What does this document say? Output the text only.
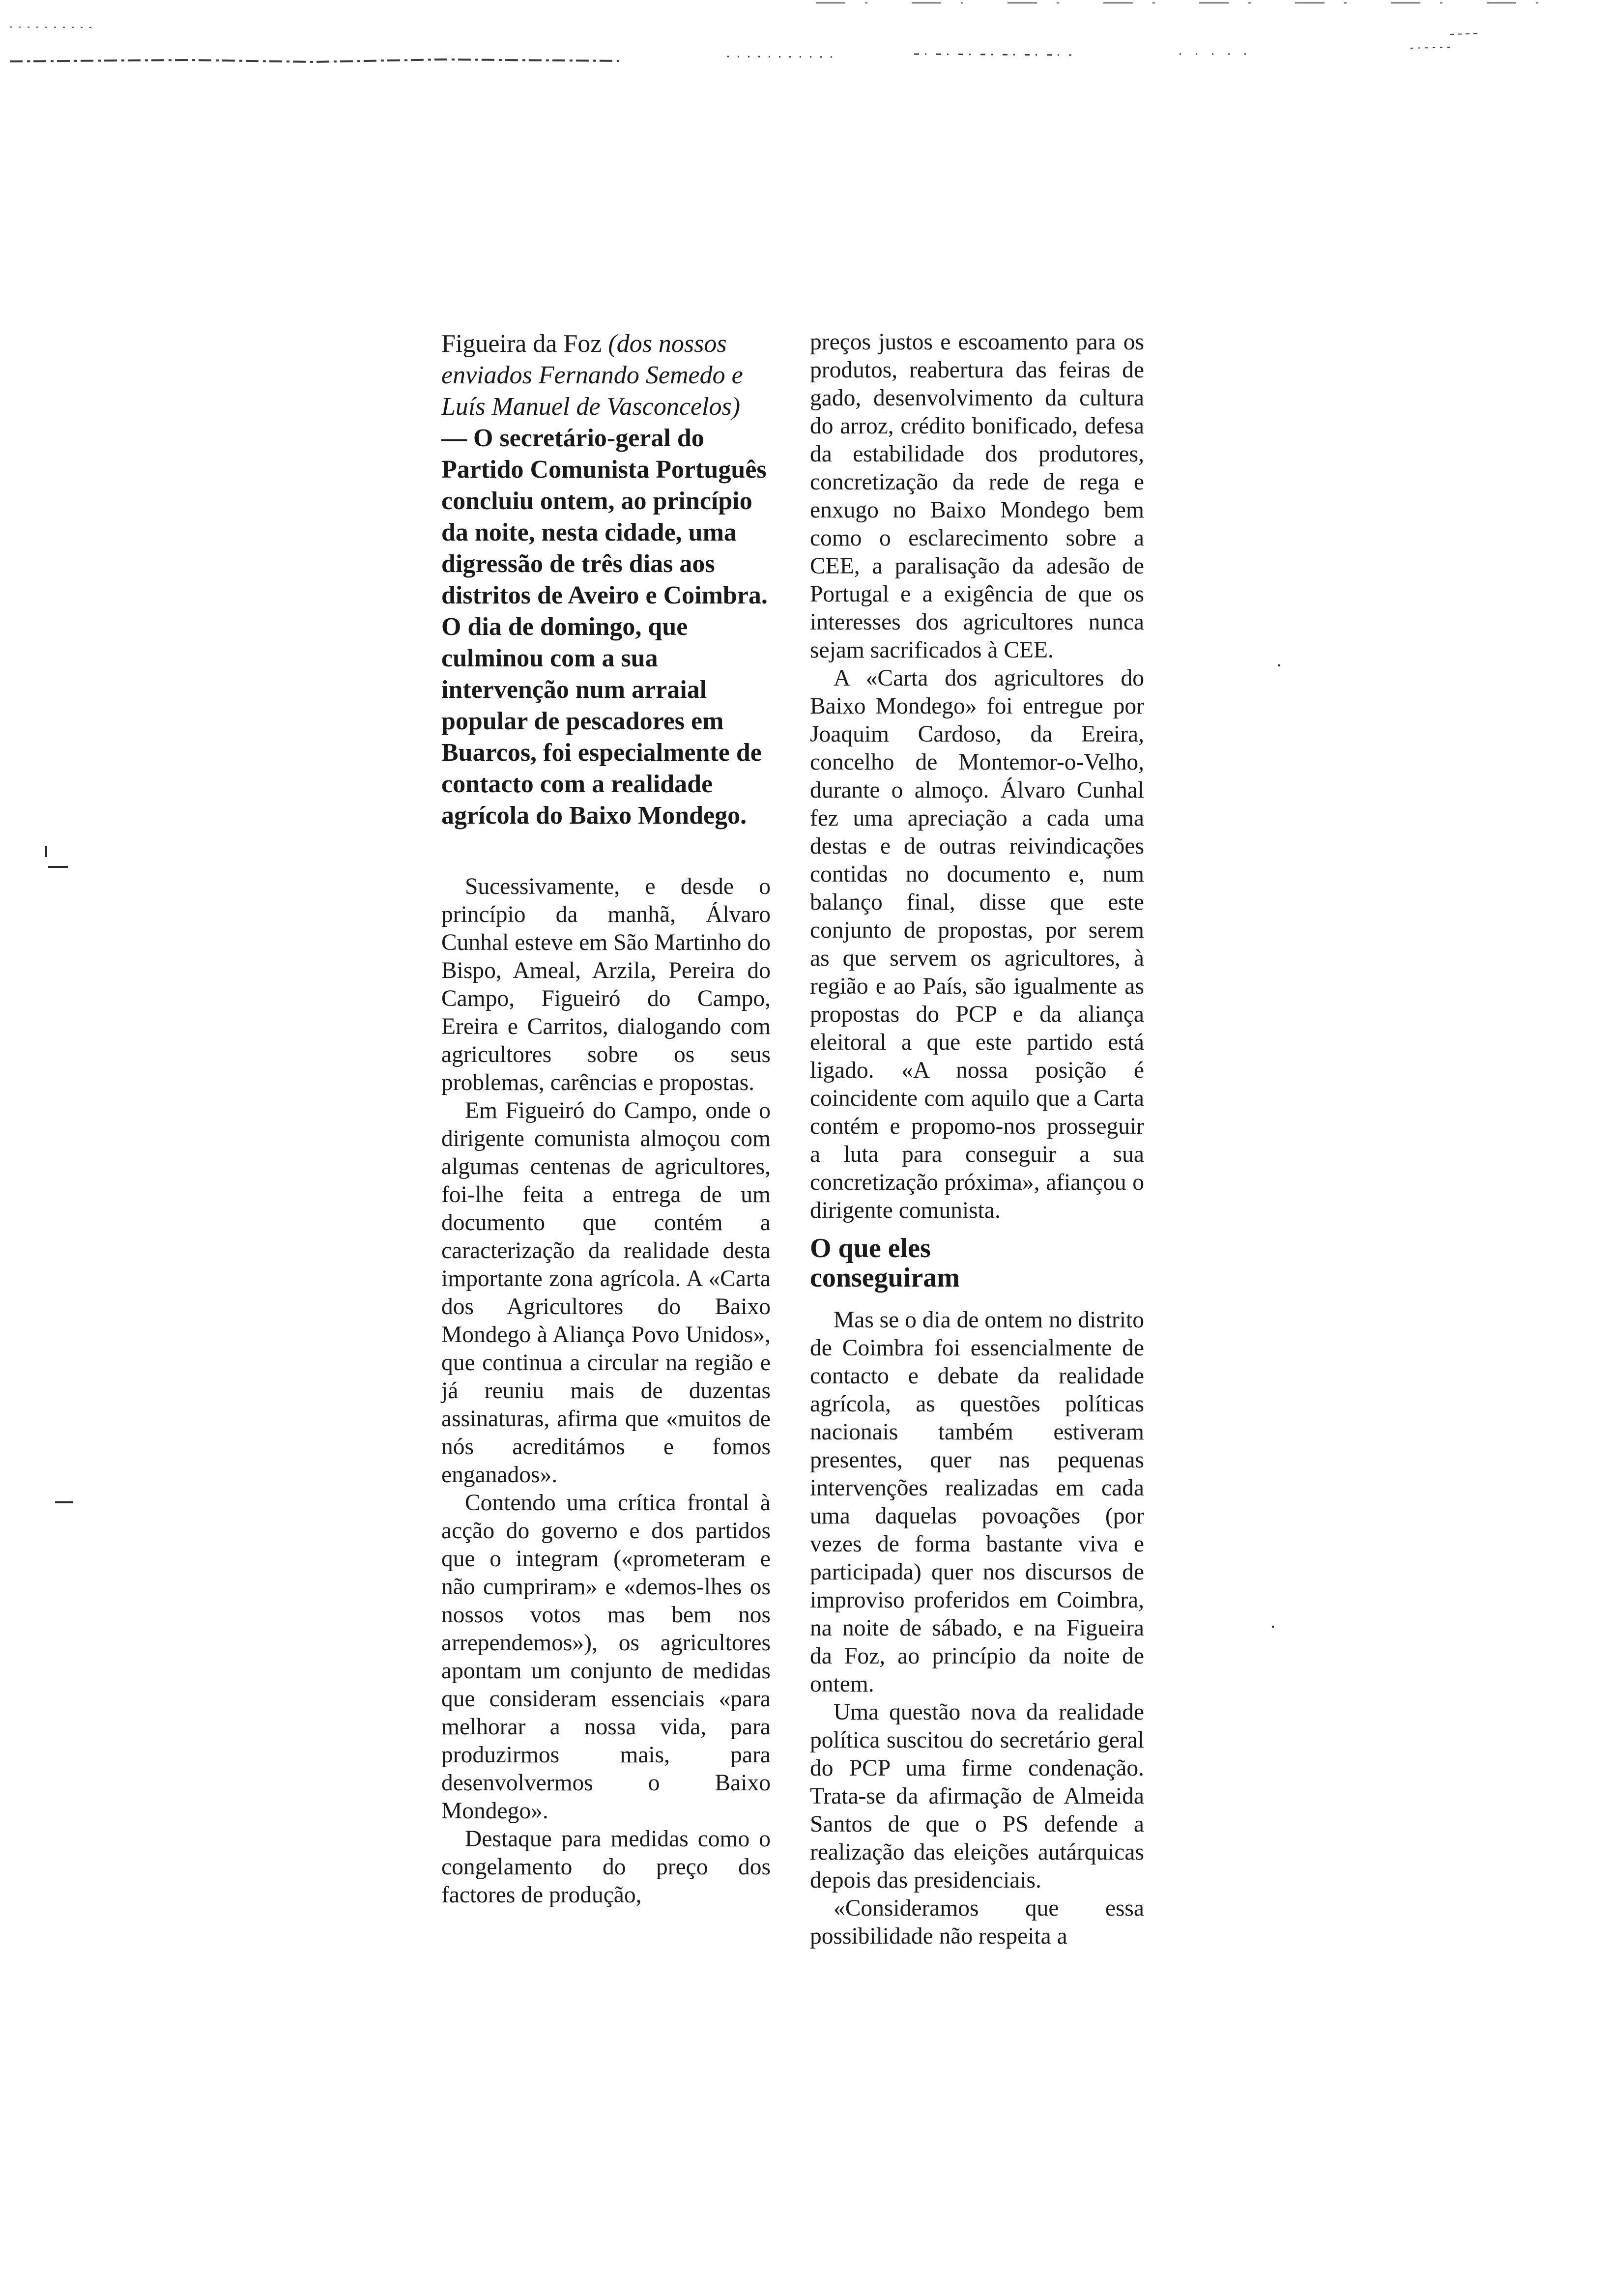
Figueira da Foz (dos nossos enviados Fernando Semedo e Luís Manuel de Vasconcelos) — O secretário-geral do Partido Comunista Português concluiu ontem, ao princípio da noite, nesta cidade, uma digressão de três dias aos distritos de Aveiro e Coimbra. O dia de domingo, que culminou com a sua intervenção num arraial popular de pescadores em Buarcos, foi especialmente de contacto com a realidade agrícola do Baixo Mondego.

Sucessivamente, e desde o princípio da manhã, Álvaro Cunhal esteve em São Martinho do Bispo, Ameal, Arzila, Pereira do Campo, Figueiró do Campo, Ereira e Carritos, dialogando com agricultores sobre os seus problemas, carências e propostas.

Em Figueiró do Campo, onde o dirigente comunista almoçou com algumas centenas de agricultores, foi-lhe feita a entrega de um documento que contém a caracterização da realidade desta importante zona agrícola. A «Carta dos Agricultores do Baixo Mondego à Aliança Povo Unidos», que continua a circular na região e já reuniu mais de duzentas assinaturas, afirma que «muitos de nós acreditámos e fomos enganados».

Contendo uma crítica frontal à acção do governo e dos partidos que o integram («prometeram e não cumpriram» e «demos-lhes os nossos votos mas bem nos arrependemos»), os agricultores apontam um conjunto de medidas que consideram essenciais «para melhorar a nossa vida, para produzirmos mais, para desenvolvermos o Baixo Mondego».

Destaque para medidas como o congelamento do preço dos factores de produção,

preços justos e escoamento para os produtos, reabertura das feiras de gado, desenvolvimento da cultura do arroz, crédito bonificado, defesa da estabilidade dos produtores, concretização da rede de rega e enxugo no Baixo Mondego bem como o esclarecimento sobre a CEE, a paralisação da adesão de Portugal e a exigência de que os interesses dos agricultores nunca sejam sacrificados à CEE.

A «Carta dos agricultores do Baixo Mondego» foi entregue por Joaquim Cardoso, da Ereira, concelho de Montemor-o-Velho, durante o almoço. Álvaro Cunhal fez uma apreciação a cada uma destas e de outras reivindicações contidas no documento e, num balanço final, disse que este conjunto de propostas, por serem as que servem os agricultores, à região e ao País, são igualmente as propostas do PCP e da aliança eleitoral a que este partido está ligado. «A nossa posição é coincidente com aquilo que a Carta contém e propomo-nos prosseguir a luta para conseguir a sua concretização próxima», afiançou o dirigente comunista.

O que eles conseguiram

Mas se o dia de ontem no distrito de Coimbra foi essencialmente de contacto e debate da realidade agrícola, as questões políticas nacionais também estiveram presentes, quer nas pequenas intervenções realizadas em cada uma daquelas povoações (por vezes de forma bastante viva e participada) quer nos discursos de improviso proferidos em Coimbra, na noite de sábado, e na Figueira da Foz, ao princípio da noite de ontem.

Uma questão nova da realidade política suscitou do secretário geral do PCP uma firme condenação. Trata-se da afirmação de Almeida Santos de que o PS defende a realização das eleições autárquicas depois das presidenciais.

«Consideramos que essa possibilidade não respeita a
